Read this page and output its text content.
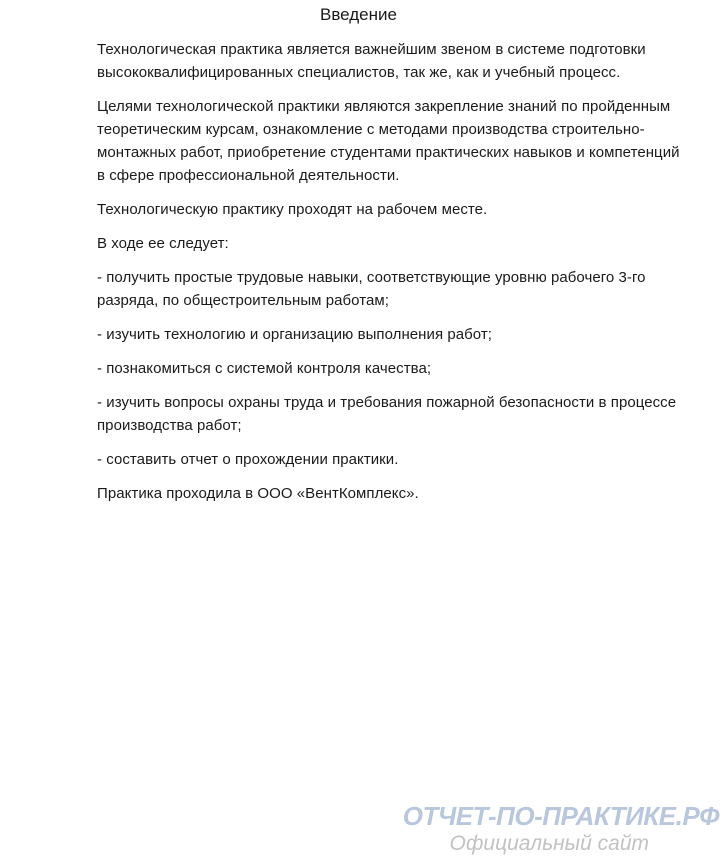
Введение

Технологическая практика является важнейшим звеном в системе подготовки высококвалифицированных специалистов, так же, как и учебный процесс.

Целями технологической практики являются закрепление знаний по пройденным теоретическим курсам, ознакомление с методами производства строительно-монтажных работ, приобретение студентами практических навыков и компетенций в сфере профессиональной деятельности.

Технологическую практику проходят на рабочем месте.

В ходе ее следует:

- получить простые трудовые навыки, соответствующие уровню рабочего 3-го разряда, по общестроительным работам;

- изучить технологию и организацию выполнения работ;

- познакомиться с системой контроля качества;

- изучить вопросы охраны труда и требования пожарной безопасности в процессе производства работ;

- составить отчет о прохождении практики.

Практика проходила в ООО «ВентКомплекс».

ОТЧЕТ-ПО-ПРАКТИКЕ.РФ
Официальный сайт
